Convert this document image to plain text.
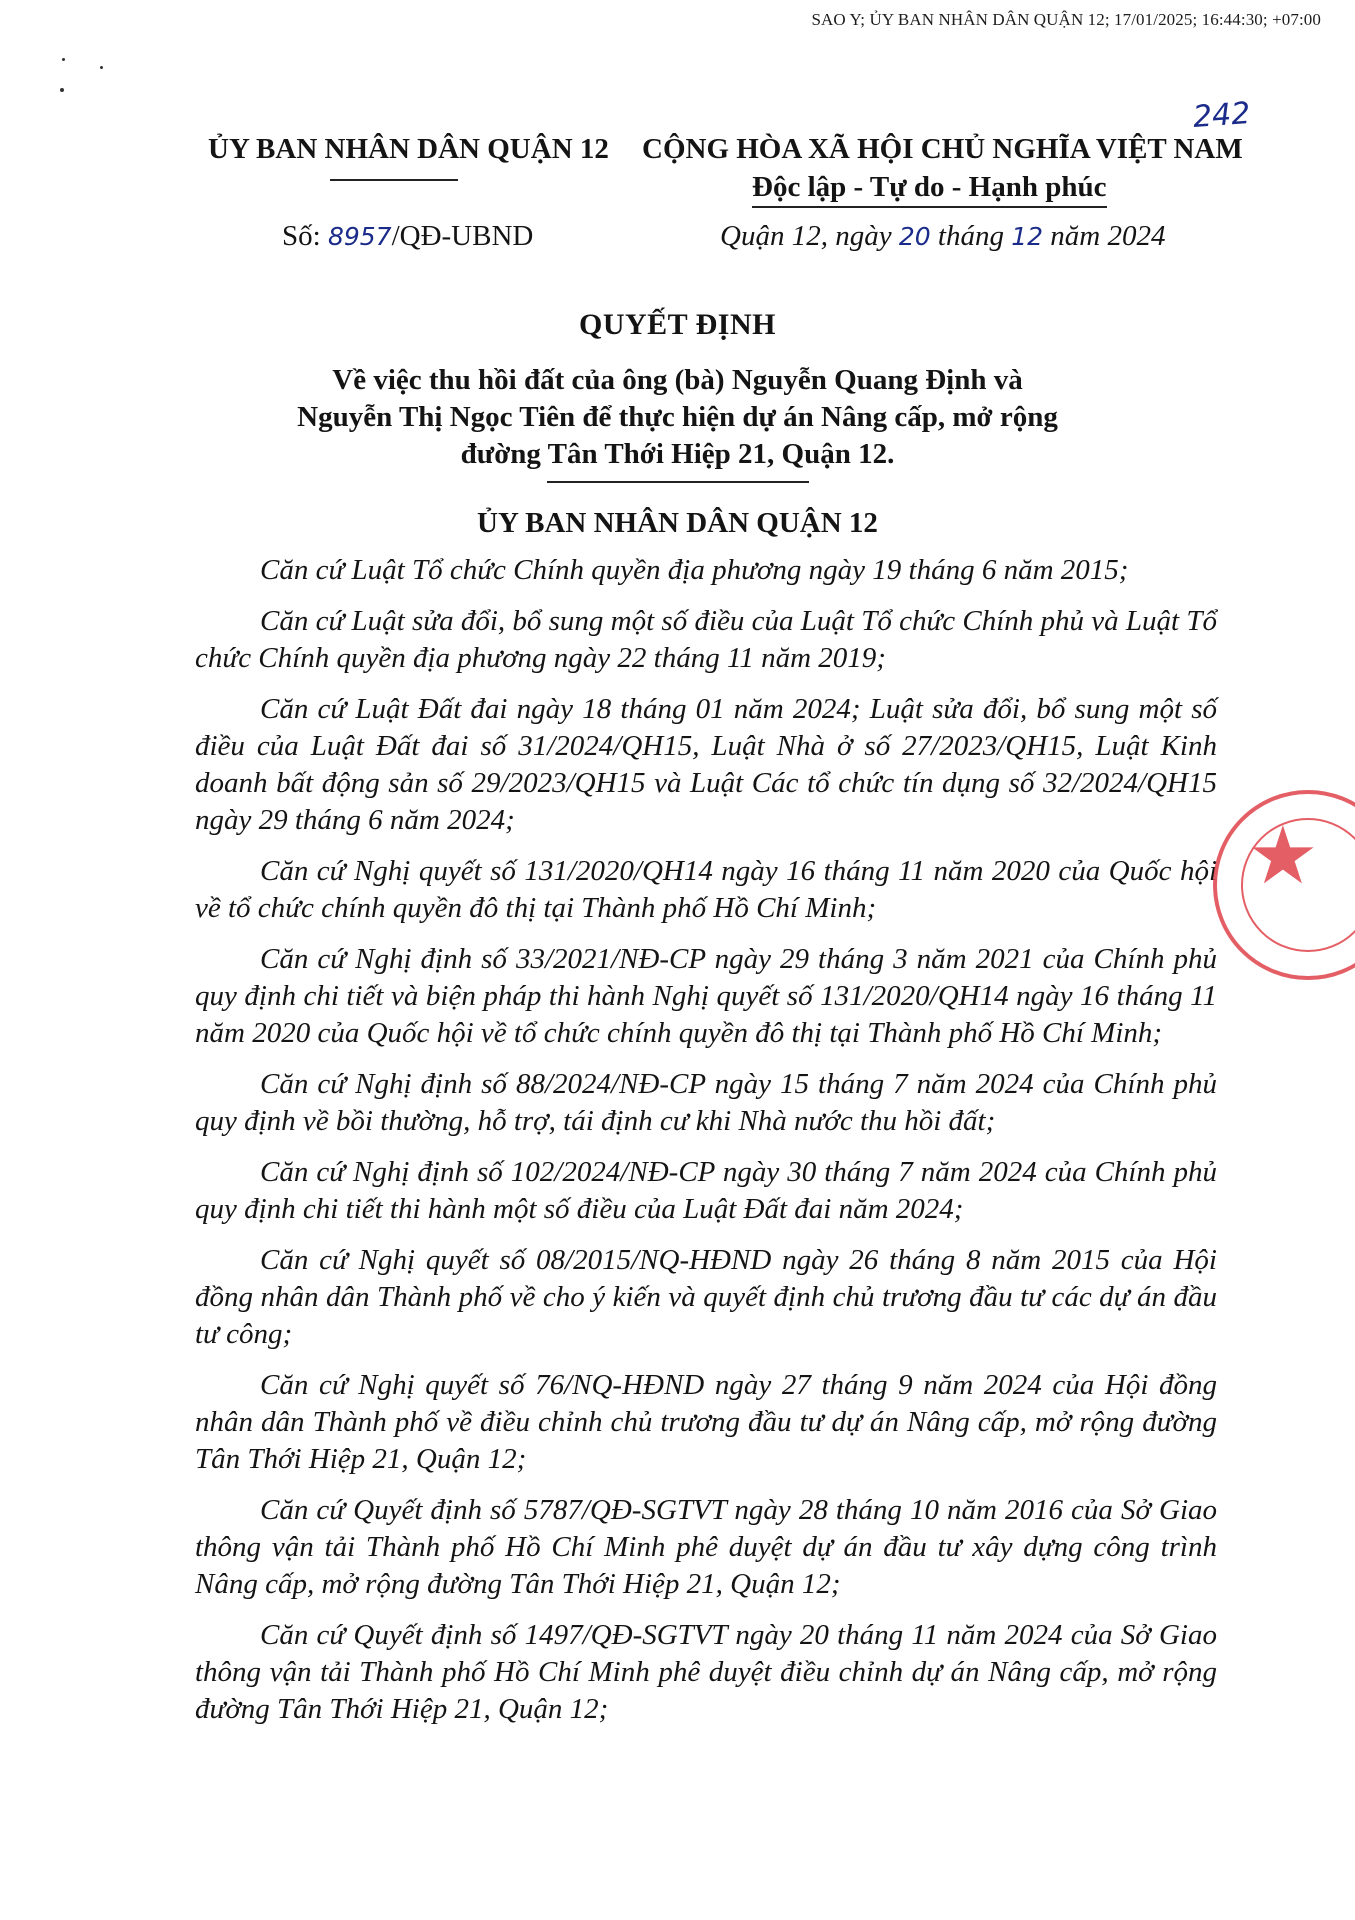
SAO Y; ỦY BAN NHÂN DÂN QUẬN 12; 17/01/2025; 16:44:30; +07:00
242
ỦY BAN NHÂN DÂN QUẬN 12
Số: 8957/QĐ-UBND
CỘNG HÒA XÃ HỘI CHỦ NGHĨA VIỆT NAM
Độc lập - Tự do - Hạnh phúc
Quận 12, ngày 20 tháng 12 năm 2024
QUYẾT ĐỊNH
Về việc thu hồi đất của ông (bà) Nguyễn Quang Định và
Nguyễn Thị Ngọc Tiên để thực hiện dự án Nâng cấp, mở rộng
đường Tân Thới Hiệp 21, Quận 12.
ỦY BAN NHÂN DÂN QUẬN 12

Căn cứ Luật Tổ chức Chính quyền địa phương ngày 19 tháng 6 năm 2015;

Căn cứ Luật sửa đổi, bổ sung một số điều của Luật Tổ chức Chính phủ và Luật Tổ chức Chính quyền địa phương ngày 22 tháng 11 năm 2019;

Căn cứ Luật Đất đai ngày 18 tháng 01 năm 2024; Luật sửa đổi, bổ sung một số điều của Luật Đất đai số 31/2024/QH15, Luật Nhà ở số 27/2023/QH15, Luật Kinh doanh bất động sản số 29/2023/QH15 và Luật Các tổ chức tín dụng số 32/2024/QH15 ngày 29 tháng 6 năm 2024;

Căn cứ Nghị quyết số 131/2020/QH14 ngày 16 tháng 11 năm 2020 của Quốc hội về tổ chức chính quyền đô thị tại Thành phố Hồ Chí Minh;

Căn cứ Nghị định số 33/2021/NĐ-CP ngày 29 tháng 3 năm 2021 của Chính phủ quy định chi tiết và biện pháp thi hành Nghị quyết số 131/2020/QH14 ngày 16 tháng 11 năm 2020 của Quốc hội về tổ chức chính quyền đô thị tại Thành phố Hồ Chí Minh;

Căn cứ Nghị định số 88/2024/NĐ-CP ngày 15 tháng 7 năm 2024 của Chính phủ quy định về bồi thường, hỗ trợ, tái định cư khi Nhà nước thu hồi đất;

Căn cứ Nghị định số 102/2024/NĐ-CP ngày 30 tháng 7 năm 2024 của Chính phủ quy định chi tiết thi hành một số điều của Luật Đất đai năm 2024;

Căn cứ Nghị quyết số 08/2015/NQ-HĐND ngày 26 tháng 8 năm 2015 của Hội đồng nhân dân Thành phố về cho ý kiến và quyết định chủ trương đầu tư các dự án đầu tư công;

Căn cứ Nghị quyết số 76/NQ-HĐND ngày 27 tháng 9 năm 2024 của Hội đồng nhân dân Thành phố về điều chỉnh chủ trương đầu tư dự án Nâng cấp, mở rộng đường Tân Thới Hiệp 21, Quận 12;

Căn cứ Quyết định số 5787/QĐ-SGTVT ngày 28 tháng 10 năm 2016 của Sở Giao thông vận tải Thành phố Hồ Chí Minh phê duyệt dự án đầu tư xây dựng công trình Nâng cấp, mở rộng đường Tân Thới Hiệp 21, Quận 12;

Căn cứ Quyết định số 1497/QĐ-SGTVT ngày 20 tháng 11 năm 2024 của Sở Giao thông vận tải Thành phố Hồ Chí Minh phê duyệt điều chỉnh dự án Nâng cấp, mở rộng đường Tân Thới Hiệp 21, Quận 12;

★
